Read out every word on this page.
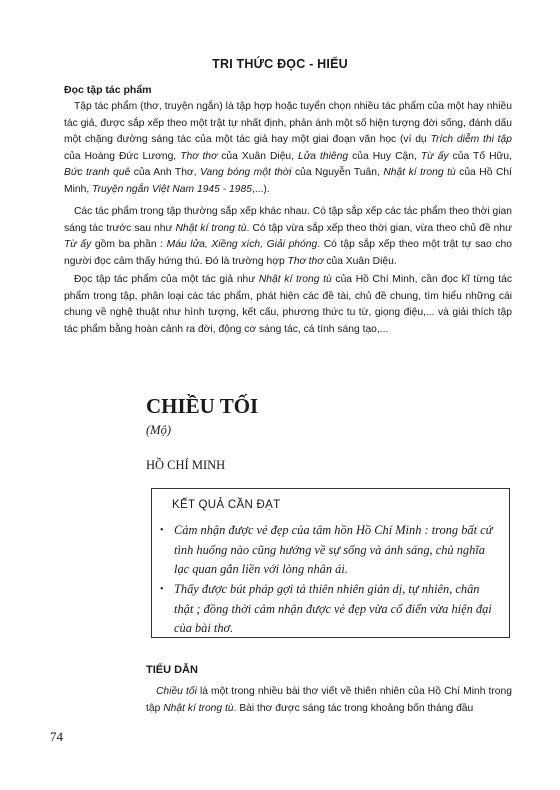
TRI THỨC ĐỌC - HIỂU
Đọc tập tác phẩm

Tập tác phẩm (thơ, truyện ngắn) là tập hợp hoặc tuyển chọn nhiều tác phẩm của một hay nhiều tác giả, được sắp xếp theo một trật tự nhất định, phản ánh một số hiện tượng đời sống, đánh dấu một chặng đường sáng tác của một tác giả hay một giai đoạn văn học (ví dụ Trích diễm thi tập của Hoàng Đức Lương, Thơ thơ của Xuân Diệu, Lửa thiêng của Huy Cận, Từ ấy của Tố Hữu, Bức tranh quê của Anh Thơ, Vang bóng một thời của Nguyễn Tuân, Nhật kí trong tù của Hồ Chí Minh, Truyện ngắn Việt Nam 1945 - 1985,...).

Các tác phẩm trong tập thường sắp xếp khác nhau. Có tập sắp xếp các tác phẩm theo thời gian sáng tác trước sau như Nhật kí trong tù. Có tập vừa sắp xếp theo thời gian, vừa theo chủ đề như Từ ấy gồm ba phần : Máu lửa, Xiềng xích, Giải phóng. Có tập sắp xếp theo một trật tự sao cho người đọc cảm thấy hứng thú. Đó là trường hợp Thơ thơ của Xuân Diệu.

Đọc tập tác phẩm của một tác giả như Nhật kí trong tù của Hồ Chí Minh, cần đọc kĩ từng tác phẩm trong tập, phân loại các tác phẩm, phát hiện các đề tài, chủ đề chung, tìm hiểu những cái chung về nghệ thuật như hình tượng, kết cấu, phương thức tu từ, giọng điệu,... và giải thích tập tác phẩm bằng hoàn cảnh ra đời, động cơ sáng tác, cá tính sáng tạo,...

CHIỀU TỐI
(Mộ)
HỒ CHÍ MINH
KẾT QUẢ CẦN ĐẠT
• Cảm nhận được vẻ đẹp của tâm hồn Hồ Chí Minh : trong bất cứ tình huống nào cũng hướng về sự sống và ánh sáng, chủ nghĩa lạc quan gắn liền với lòng nhân ái.
• Thấy được bút pháp gợi tả thiên nhiên giản dị, tự nhiên, chân thật ; đồng thời cảm nhận được vẻ đẹp vừa cổ điển vừa hiện đại của bài thơ.
TIỂU DẪN

Chiều tối là một trong nhiều bài thơ viết về thiên nhiên của Hồ Chí Minh trong tập Nhật kí trong tù. Bài thơ được sáng tác trong khoảng bốn tháng đầu

74
